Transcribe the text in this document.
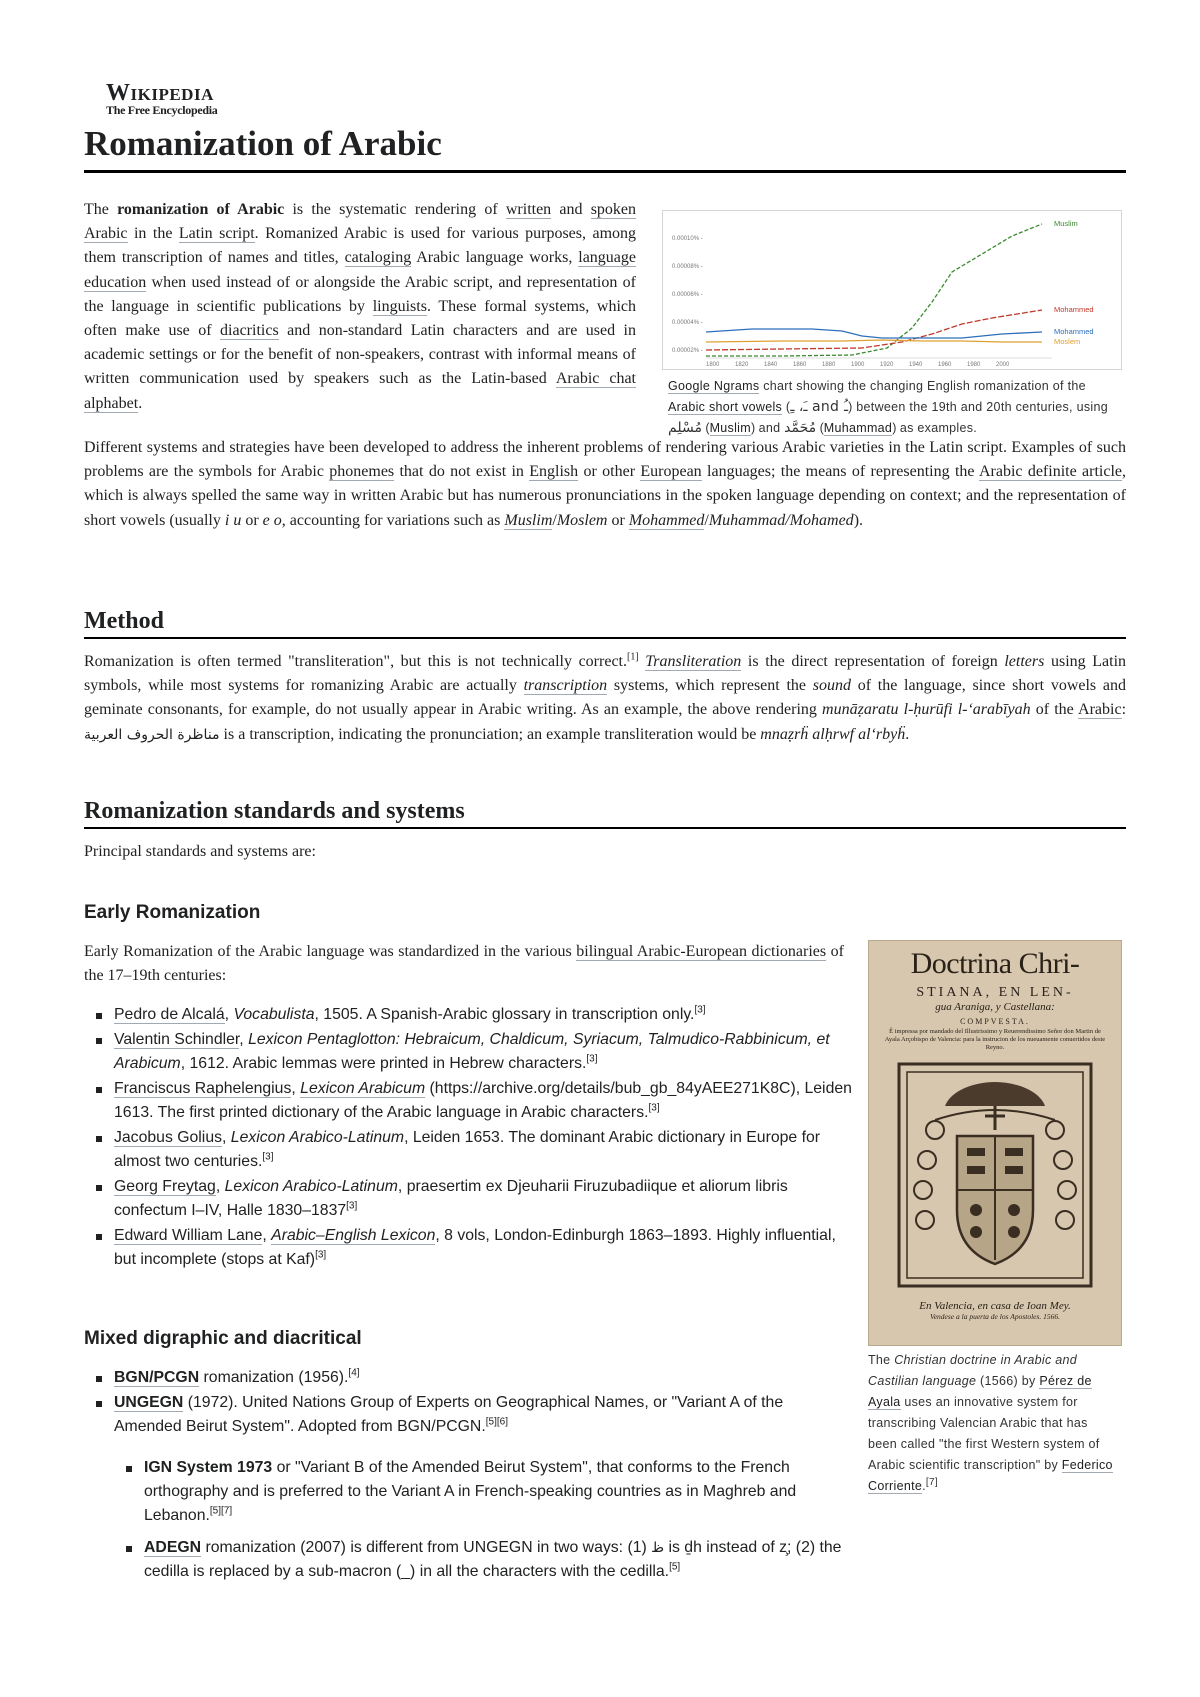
Wikipedia
The Free Encyclopedia
Romanization of Arabic

The romanization of Arabic is the systematic rendering of written and spoken Arabic in the Latin script. Romanized Arabic is used for various purposes, among them transcription of names and titles, cataloging Arabic language works, language education when used instead of or alongside the Arabic script, and representation of the language in scientific publications by linguists. These formal systems, which often make use of diacritics and non-standard Latin characters and are used in academic settings or for the benefit of non-speakers, contrast with informal means of written communication used by speakers such as the Latin-based Arabic chat alphabet.

Different systems and strategies have been developed to address the inherent problems of rendering various Arabic varieties in the Latin script. Examples of such problems are the symbols for Arabic phonemes that do not exist in English or other European languages; the means of representing the Arabic definite article, which is always spelled the same way in written Arabic but has numerous pronunciations in the spoken language depending on context; and the representation of short vowels (usually i u or e o, accounting for variations such as Muslim/Moslem or Mohammed/Muhammad/Mohamed).

0.00010% -
0.00008% -
0.00006% -
0.00004% -
0.00002% -
1800	1820	1840	1860	1880	1900	1920	1940	1960	1980	2000
Muslim
Mohammed
Mohammed
Moslem
Google Ngrams chart showing the changing English romanization of the Arabic short vowels (ـَ، ـِ and ـُ) between the 19th and 20th centuries, using مُسْلِم (Muslim) and مُحَمَّد (Muhammad) as examples.
Method

Romanization is often termed "transliteration", but this is not technically correct.[1] Transliteration is the direct representation of foreign letters using Latin symbols, while most systems for romanizing Arabic are actually transcription systems, which represent the sound of the language, since short vowels and geminate consonants, for example, do not usually appear in Arabic writing. As an example, the above rendering munāẓaratu l-ḥurūfi l-ʻarabīyah of the Arabic: مناظرة الحروف العربية is a transcription, indicating the pronunciation; an example transliteration would be mnaẓrḧ alḥrwf alʻrbyḧ.

Romanization standards and systems

Principal standards and systems are:

Early Romanization

Early Romanization of the Arabic language was standardized in the various bilingual Arabic-European dictionaries of the 17–19th centuries:

Pedro de Alcalá, Vocabulista, 1505. A Spanish-Arabic glossary in transcription only.[3]
Valentin Schindler, Lexicon Pentaglotton: Hebraicum, Chaldicum, Syriacum, Talmudico-Rabbinicum, et Arabicum, 1612. Arabic lemmas were printed in Hebrew characters.[3]
Franciscus Raphelengius, Lexicon Arabicum (https://archive.org/details/bub_gb_84yAEE271K8C), Leiden 1613. The first printed dictionary of the Arabic language in Arabic characters.[3]
Jacobus Golius, Lexicon Arabico-Latinum, Leiden 1653. The dominant Arabic dictionary in Europe for almost two centuries.[3]
Georg Freytag, Lexicon Arabico-Latinum, praesertim ex Djeuharii Firuzubadiique et aliorum libris confectum I–IV, Halle 1830–1837[3]
Edward William Lane, Arabic–English Lexicon, 8 vols, London-Edinburgh 1863–1893. Highly influential, but incomplete (stops at Kaf)[3]
Doctrina Chri-
STIANA, EN LEN-
gua Araniga, y Castellana:
COMPVESTA.
Ê impressa por mandado del Illustrissimo y Reuerendissimo Señor don Martin de Ayala Arçobispo de Valencia: para la instrucion de los nueuamente conuertidos deste Reyno.
En Valencia, en casa de Ioan Mey.
Vendese a la puerta de los Apostoles. 1566.
The Christian doctrine in Arabic and Castilian language (1566) by Pérez de Ayala uses an innovative system for transcribing Valencian Arabic that has been called "the first Western system of Arabic scientific transcription" by Federico Corriente.[7]
Mixed digraphic and diacritical
BGN/PCGN romanization (1956).[4]
UNGEGN (1972). United Nations Group of Experts on Geographical Names, or "Variant A of the Amended Beirut System". Adopted from BGN/PCGN.[5][6]
IGN System 1973 or "Variant B of the Amended Beirut System", that conforms to the French orthography and is preferred to the Variant A in French-speaking countries as in Maghreb and Lebanon.[5][7]
ADEGN romanization (2007) is different from UNGEGN in two ways: (1) ظ is ḏh instead of z̧; (2) the cedilla is replaced by a sub-macron (_) in all the characters with the cedilla.[5]
